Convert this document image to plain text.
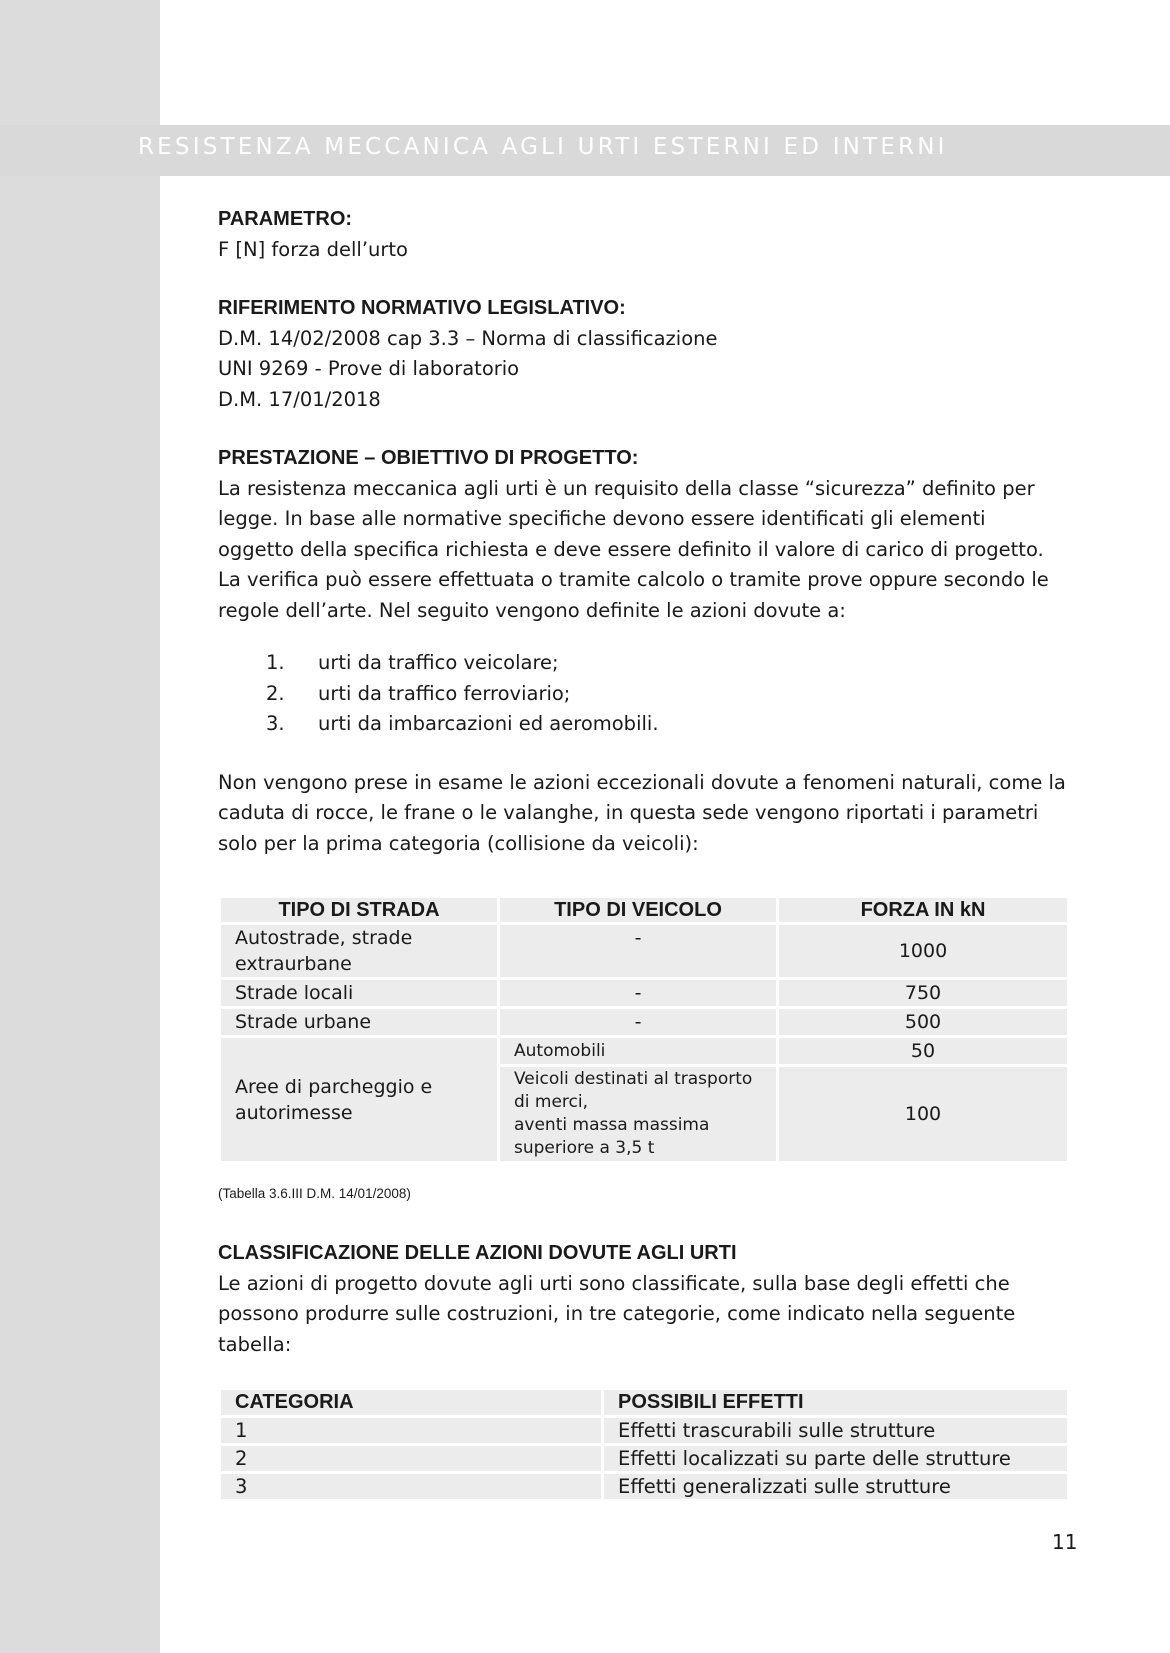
RESISTENZA MECCANICA AGLI URTI ESTERNI ED INTERNI

PARAMETRO:

F [N] forza dell’urto

RIFERIMENTO NORMATIVO LEGISLATIVO:

D.M. 14/02/2008 cap 3.3 – Norma di classificazione

UNI 9269 - Prove di laboratorio

D.M. 17/01/2018

PRESTAZIONE – OBIETTIVO DI PROGETTO:

La resistenza meccanica agli urti è un requisito della classe “sicurezza” definito per

legge. In base alle normative specifiche devono essere identificati gli elementi

oggetto della specifica richiesta e deve essere definito il valore di carico di progetto.

La verifica può essere effettuata o tramite calcolo o tramite prove oppure secondo le

regole dell’arte. Nel seguito vengono definite le azioni dovute a:

1. urti da traffico veicolare;
2. urti da traffico ferroviario;
3. urti da imbarcazioni ed aeromobili.

Non vengono prese in esame le azioni eccezionali dovute a fenomeni naturali, come la

caduta di rocce, le frane o le valanghe, in questa sede vengono riportati i parametri

solo per la prima categoria (collisione da veicoli):

TIPO DI STRADA	TIPO DI VEICOLO	FORZA IN kN
Autostrade, strade
extraurbane	-	1000
Strade locali	-	750
Strade urbane	-	500
Aree di parcheggio e
autorimesse	Automobili	50
	Veicoli destinati al trasporto
di merci,
aventi massa massima
superiore a 3,5 t	100
(Tabella 3.6.III D.M. 14/01/2008)

CLASSIFICAZIONE DELLE AZIONI DOVUTE AGLI URTI

Le azioni di progetto dovute agli urti sono classificate, sulla base degli effetti che

possono produrre sulle costruzioni, in tre categorie, come indicato nella seguente

tabella:

CATEGORIA	POSSIBILI EFFETTI
1	Effetti trascurabili sulle strutture
2	Effetti localizzati su parte delle strutture
3	Effetti generalizzati sulle strutture
11
